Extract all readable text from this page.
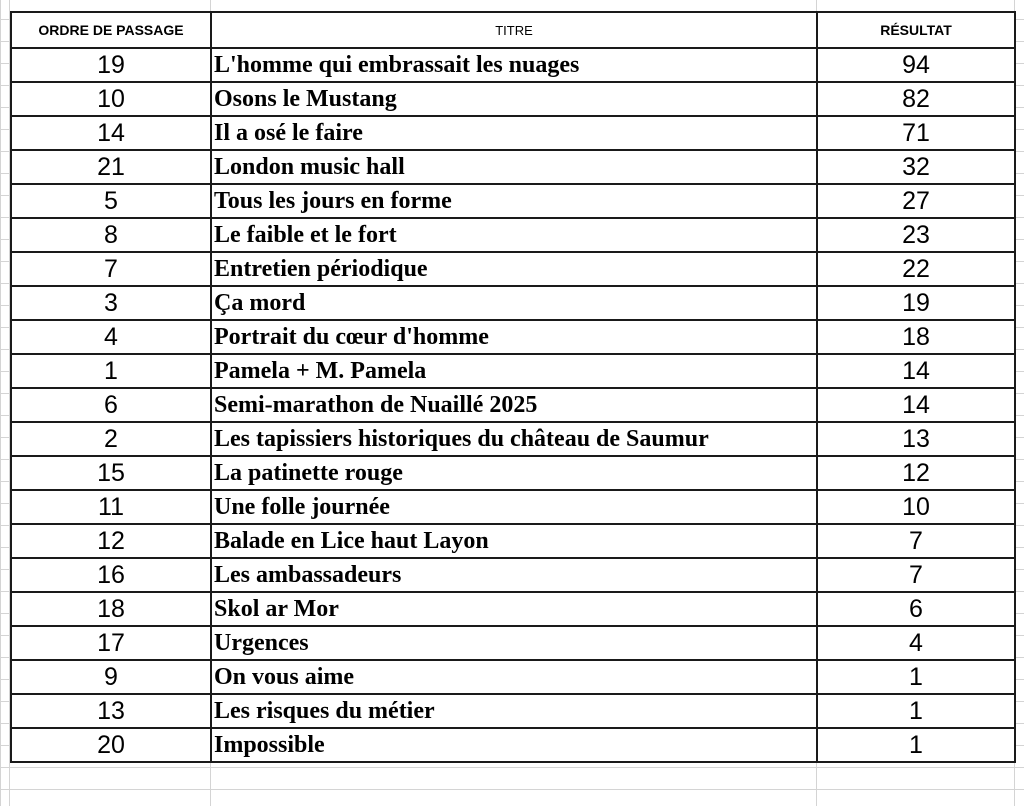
ORDRE DE PASSAGE	TITRE	RÉSULTAT
19	L'homme qui embrassait les nuages	94
10	Osons le Mustang	82
14	Il a osé le faire	71
21	London music hall	32
5	Tous les jours en forme	27
8	Le faible et le fort	23
7	Entretien périodique	22
3	Ça mord	19
4	Portrait du cœur d'homme	18
1	Pamela + M. Pamela	14
6	Semi-marathon de Nuaillé 2025	14
2	Les tapissiers historiques du château de Saumur	13
15	La patinette rouge	12
11	Une folle journée	10
12	Balade en Lice haut Layon	7
16	Les ambassadeurs	7
18	Skol ar Mor	6
17	Urgences	4
9	On vous aime	1
13	Les risques du métier	1
20	Impossible	1
